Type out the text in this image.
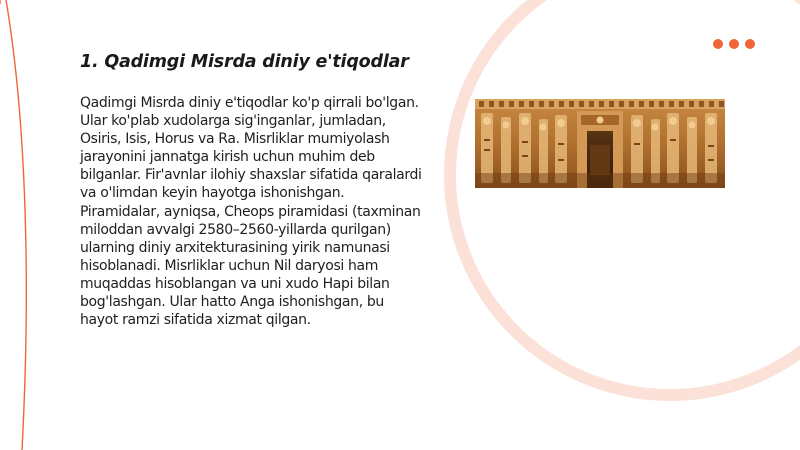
1. Qadimgi Misrda diniy e'tiqodlar

Qadimgi Misrda diniy e'tiqodlar ko'p qirrali bo'lgan. Ular ko'plab xudolarga sig'inganlar, jumladan, Osiris, Isis, Horus va Ra. Misrliklar mumiyolash jarayonini jannatga kirish uchun muhim deb bilganlar. Fir'avnlar ilohiy shaxslar sifatida qaralardi va o'limdan keyin hayotga ishonishgan. Piramidalar, ayniqsa, Cheops piramidasi (taxminan miloddan avvalgi 2580–2560-yillarda qurilgan) ularning diniy arxitekturasining yirik namunasi hisoblanadi. Misrliklar uchun Nil daryosi ham muqaddas hisoblangan va uni xudo Hapi bilan bog'lashgan. Ular hatto Anga ishonishgan, bu hayot ramzi sifatida xizmat qilgan.
